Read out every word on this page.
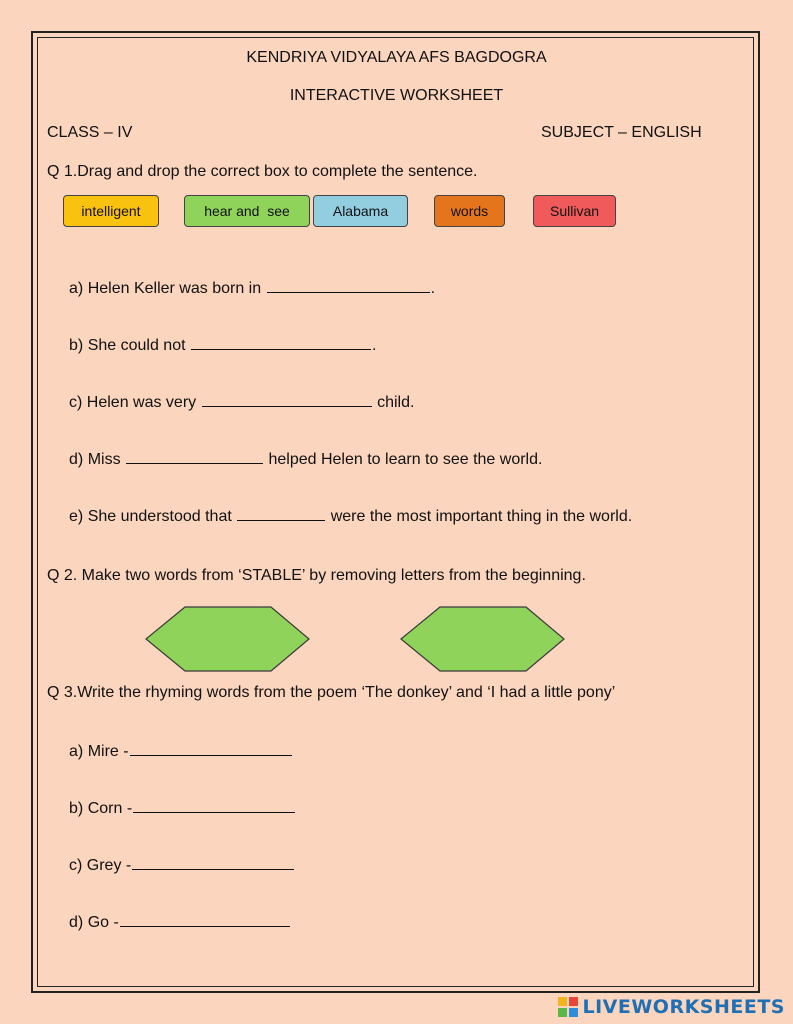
KENDRIYA VIDYALAYA AFS BAGDOGRA
INTERACTIVE WORKSHEET
CLASS – IV	SUBJECT – ENGLISH
Q 1.Drag and drop the correct box to complete the sentence.
intelligent	hear and  see	Alabama	words	Sullivan
a) Helen Keller was born in	.
b) She could not	.
c) Helen was very	child.
d) Miss	helped Helen to learn to see the world.
e) She understood that	were the most important thing in the world.
Q 2. Make two words from ‘STABLE’ by removing letters from the beginning.
Q 3.Write the rhyming words from the poem ‘The donkey’ and ‘I had a little pony’
a) Mire -
b) Corn -
c) Grey -
d) Go -
LIVEWORKSHEETS
